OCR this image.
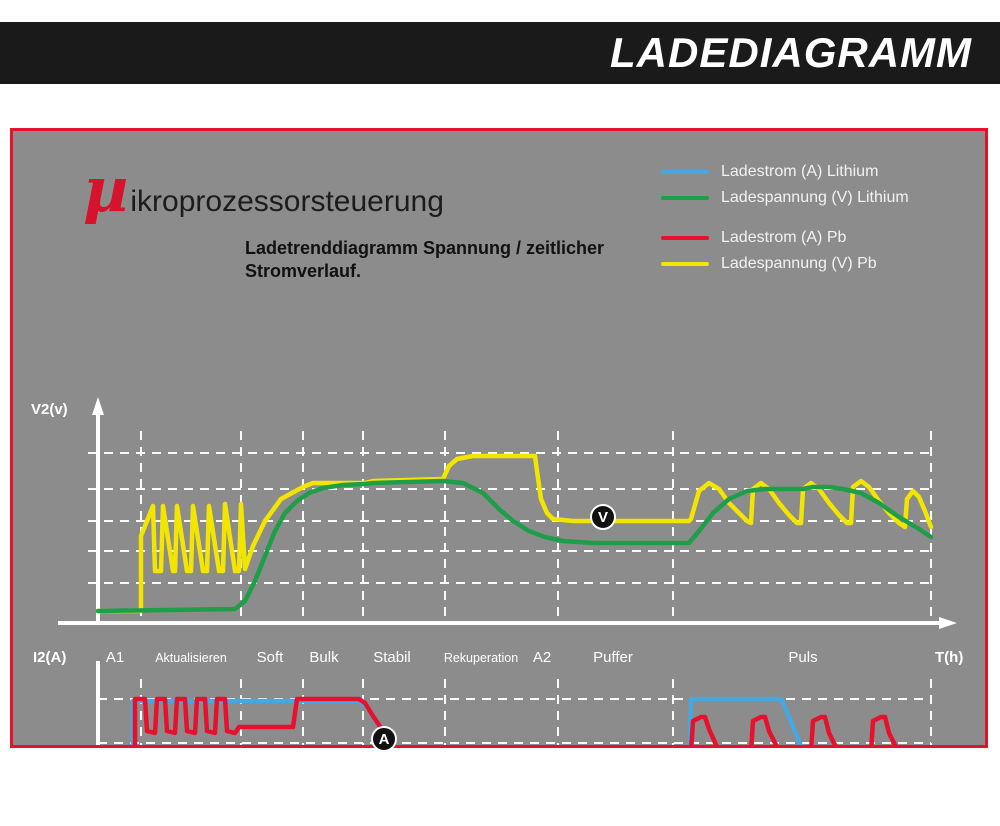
LADEDIAGRAMM
µ ikroprozessorsteuerung
Ladetrenddiagramm Spannung / zeitlicher Stromverlauf.
Ladestrom (A) Lithium
Ladespannung (V) Lithium
Ladestrom (A) Pb
Ladespannung (V) Pb
V2(v)
I2(A)	T(h)
T(h)
A1 Aktualisieren Soft Bulk Stabil	Rekuperation A2	Puffer	Puls
V
A
